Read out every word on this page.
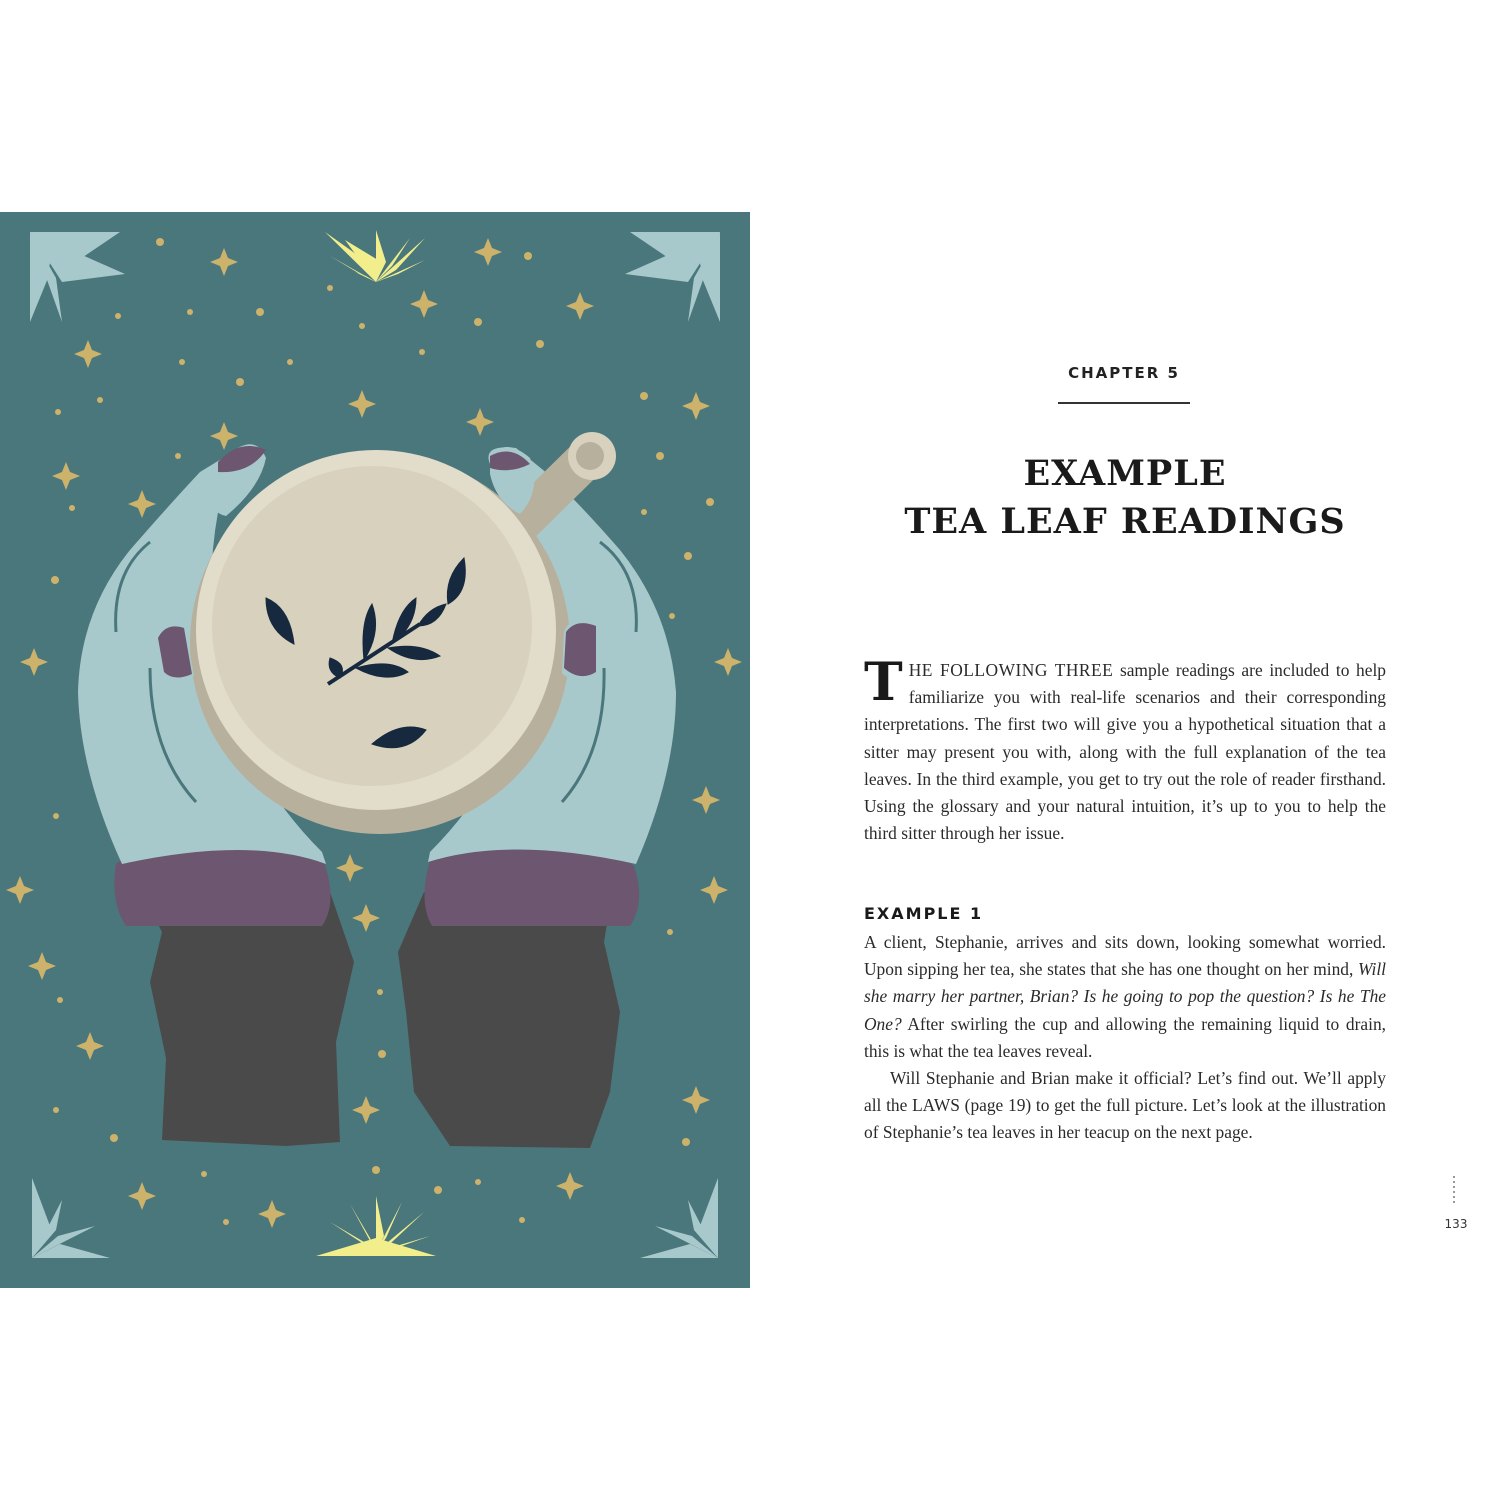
CHAPTER 5
EXAMPLE
TEA LEAF READINGS

THE FOLLOWING THREE sample readings are included to help familiarize you with real-life scenarios and their corresponding interpretations. The first two will give you a hypothetical situation that a sitter may present you with, along with the full explanation of the tea leaves. In the third example, you get to try out the role of reader firsthand. Using the glossary and your natural intuition, it’s up to you to help the third sitter through her issue.

EXAMPLE 1
A client, Stephanie, arrives and sits down, looking somewhat worried. Upon sipping her tea, she states that she has one thought on her mind, Will she marry her partner, Brian? Is he going to pop the question? Is he The One? After swirling the cup and allowing the remaining liquid to drain, this is what the tea leaves reveal.
Will Stephanie and Brian make it official? Let’s find out. We’ll apply all the LAWS (page 19) to get the full picture. Let’s look at the illustration of Stephanie’s tea leaves in her teacup on the next page.
133
